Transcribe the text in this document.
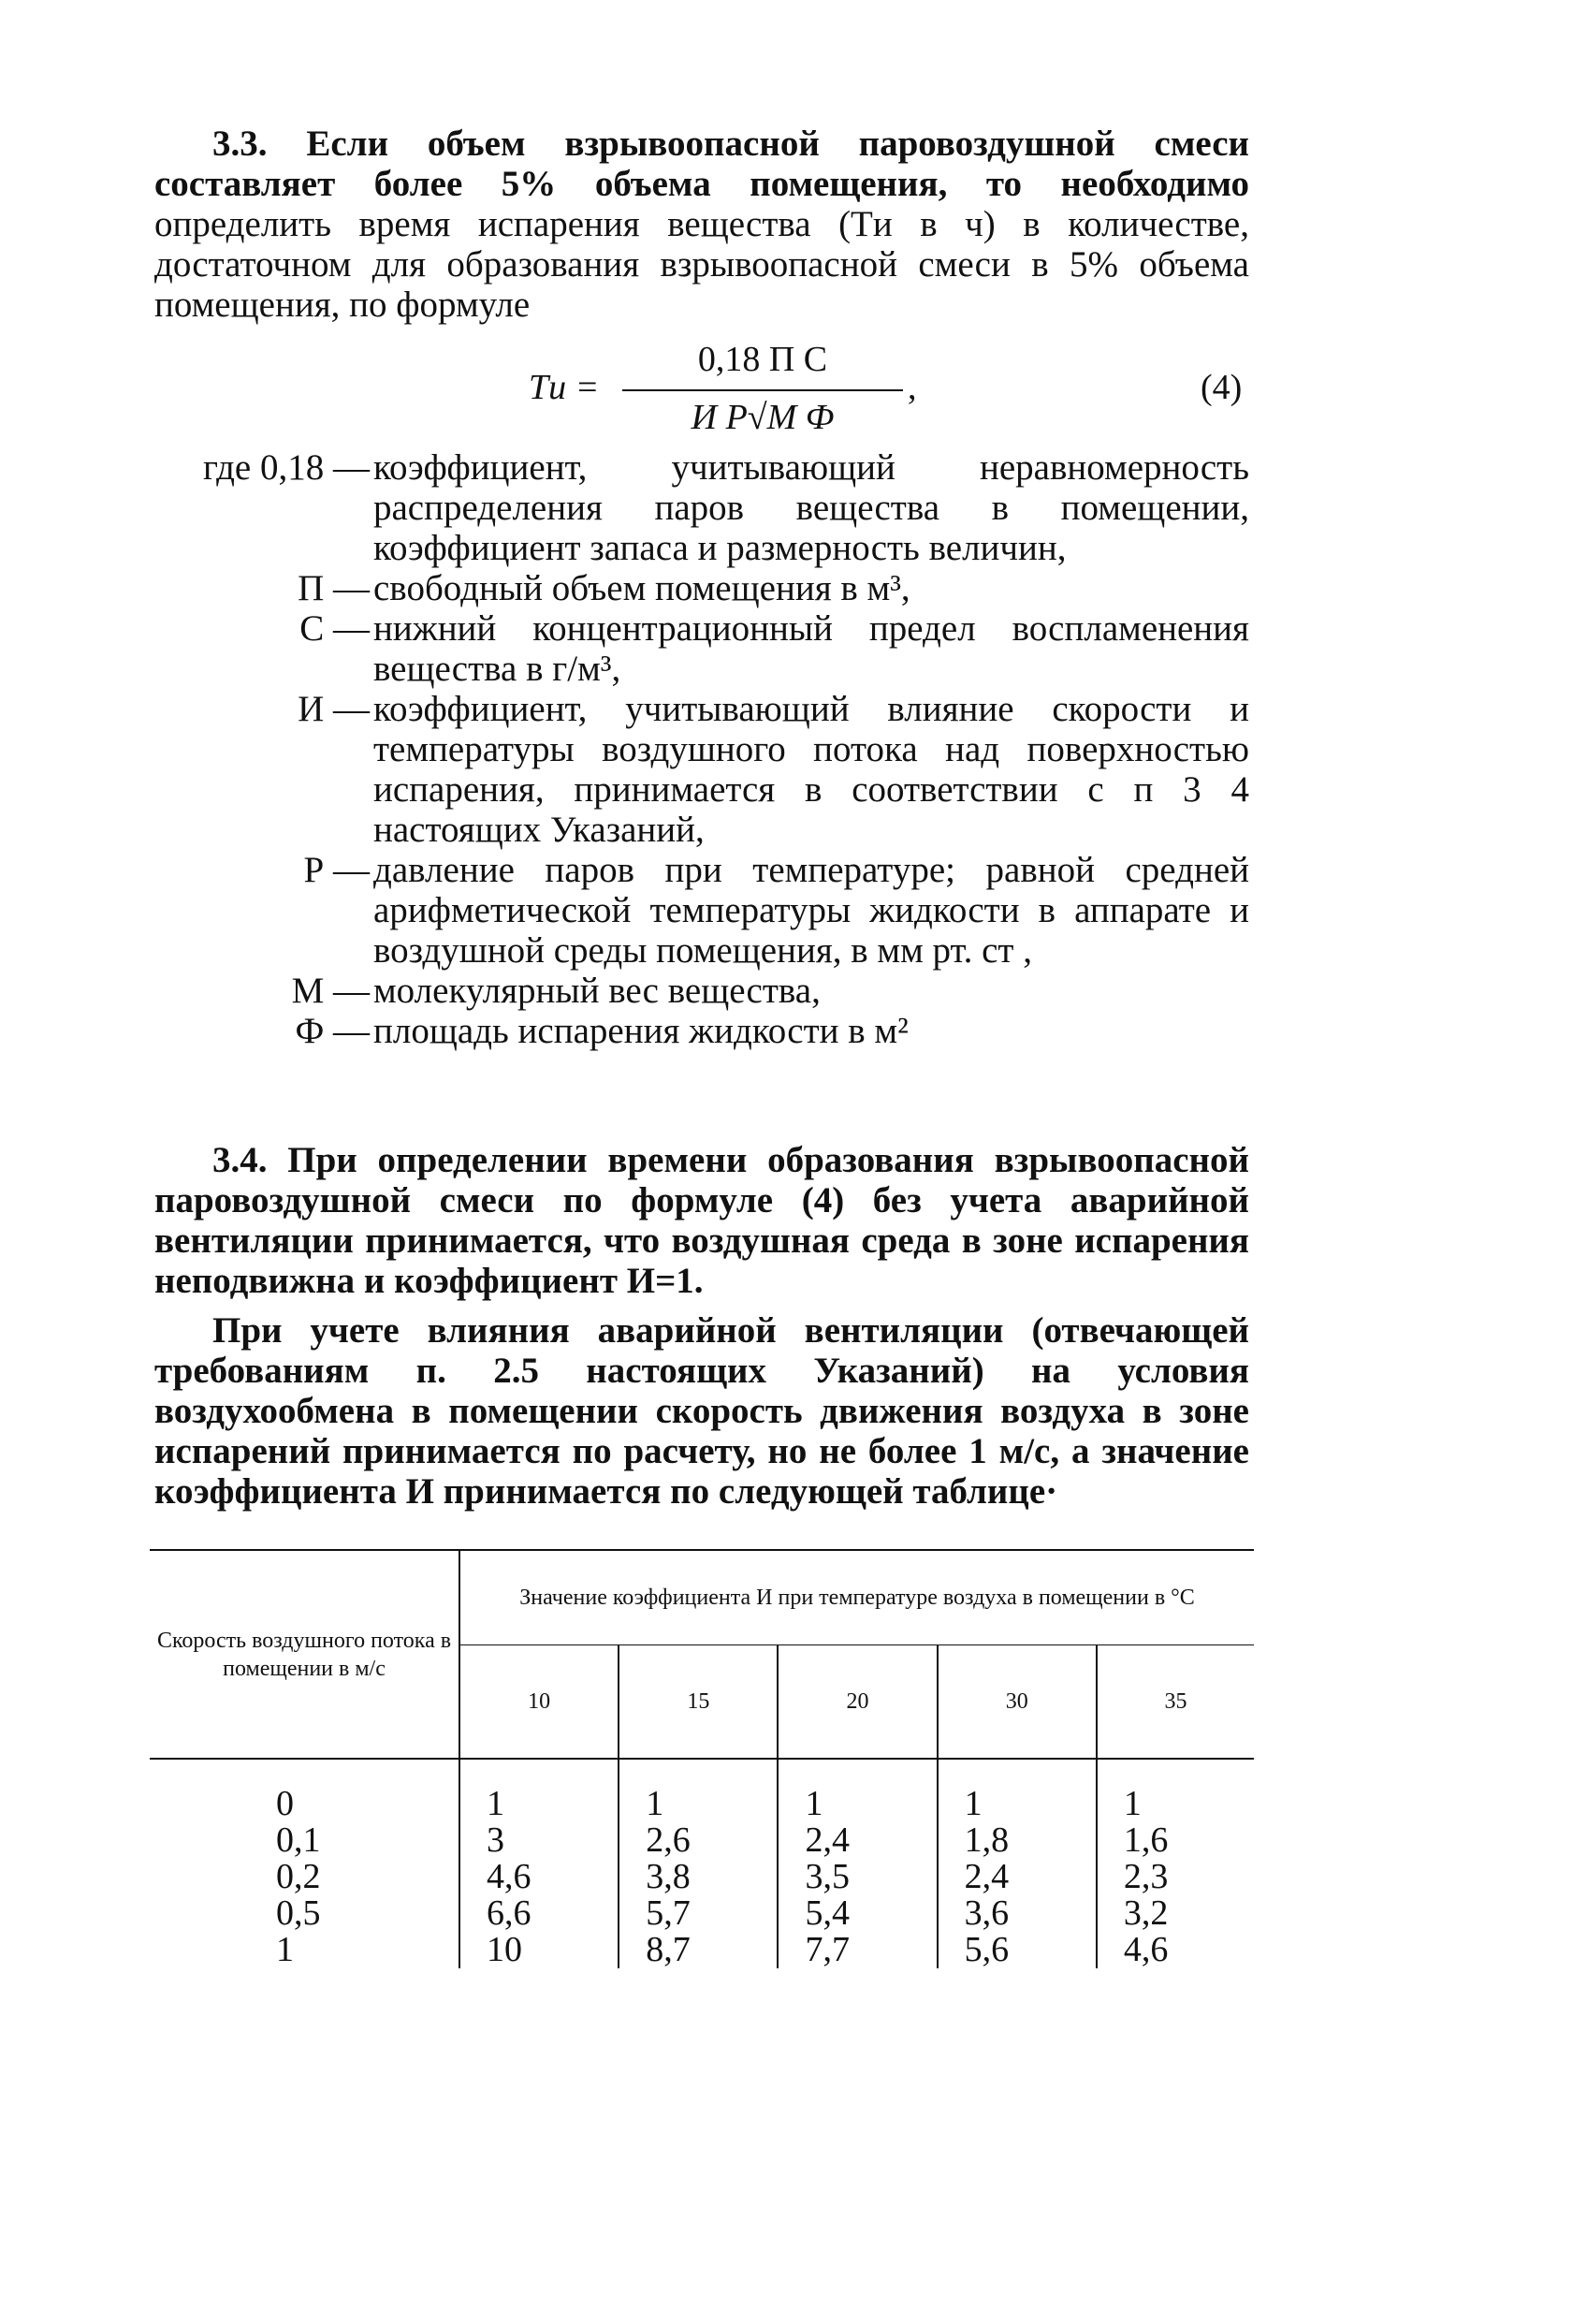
3.3. Если объем взрывоопасной паровоздушной смеси составляет более 5% объема помещения, то необходимо определить время испарения вещества (Tи в ч) в количестве, достаточном для образования взрывоопасной смеси в 5% объема помещения, по формуле

Tи =
0,18 П С
И Р√М Ф
,	(4)
где 0,18 — коэффициент, учитывающий неравномерность распределения паров вещества в помещении, коэффициент запаса и размерность величин,
П — свободный объем помещения в м³,
С — нижний концентрационный предел воспламенения вещества в г/м³,
И — коэффициент, учитывающий влияние скорости и температуры воздушного потока над поверхностью испарения, принимается в соответствии с п 3 4 настоящих Указаний,
Р — давление паров при температуре; равной средней арифметической температуры жидкости в аппарате и воздушной среды помещения, в мм рт. ст ,
М — молекулярный вес вещества,
Ф — площадь испарения жидкости в м²

3.4. При определении времени образования взрывоопасной паровоздушной смеси по формуле (4) без учета аварийной вентиляции принимается, что воздушная среда в зоне испарения неподвижна и коэффициент И=1.

При учете влияния аварийной вентиляции (отвечающей требованиям п. 2.5 настоящих Указаний) на условия воздухообмена в помещении скорость движения воздуха в зоне испарений принимается по расчету, но не более 1 м/с, а значение коэффициента И принимается по следующей таблице·

Скорость воздушного потока в помещении в м/с	Значение коэффициента И при температуре воздуха в помещении в °С				
	10	15	20	30	35
0	1	1	1	1	1
0,1	3	2,6	2,4	1,8	1,6
0,2	4,6	3,8	3,5	2,4	2,3
0,5	6,6	5,7	5,4	3,6	3,2
1	10	8,7	7,7	5,6	4,6
